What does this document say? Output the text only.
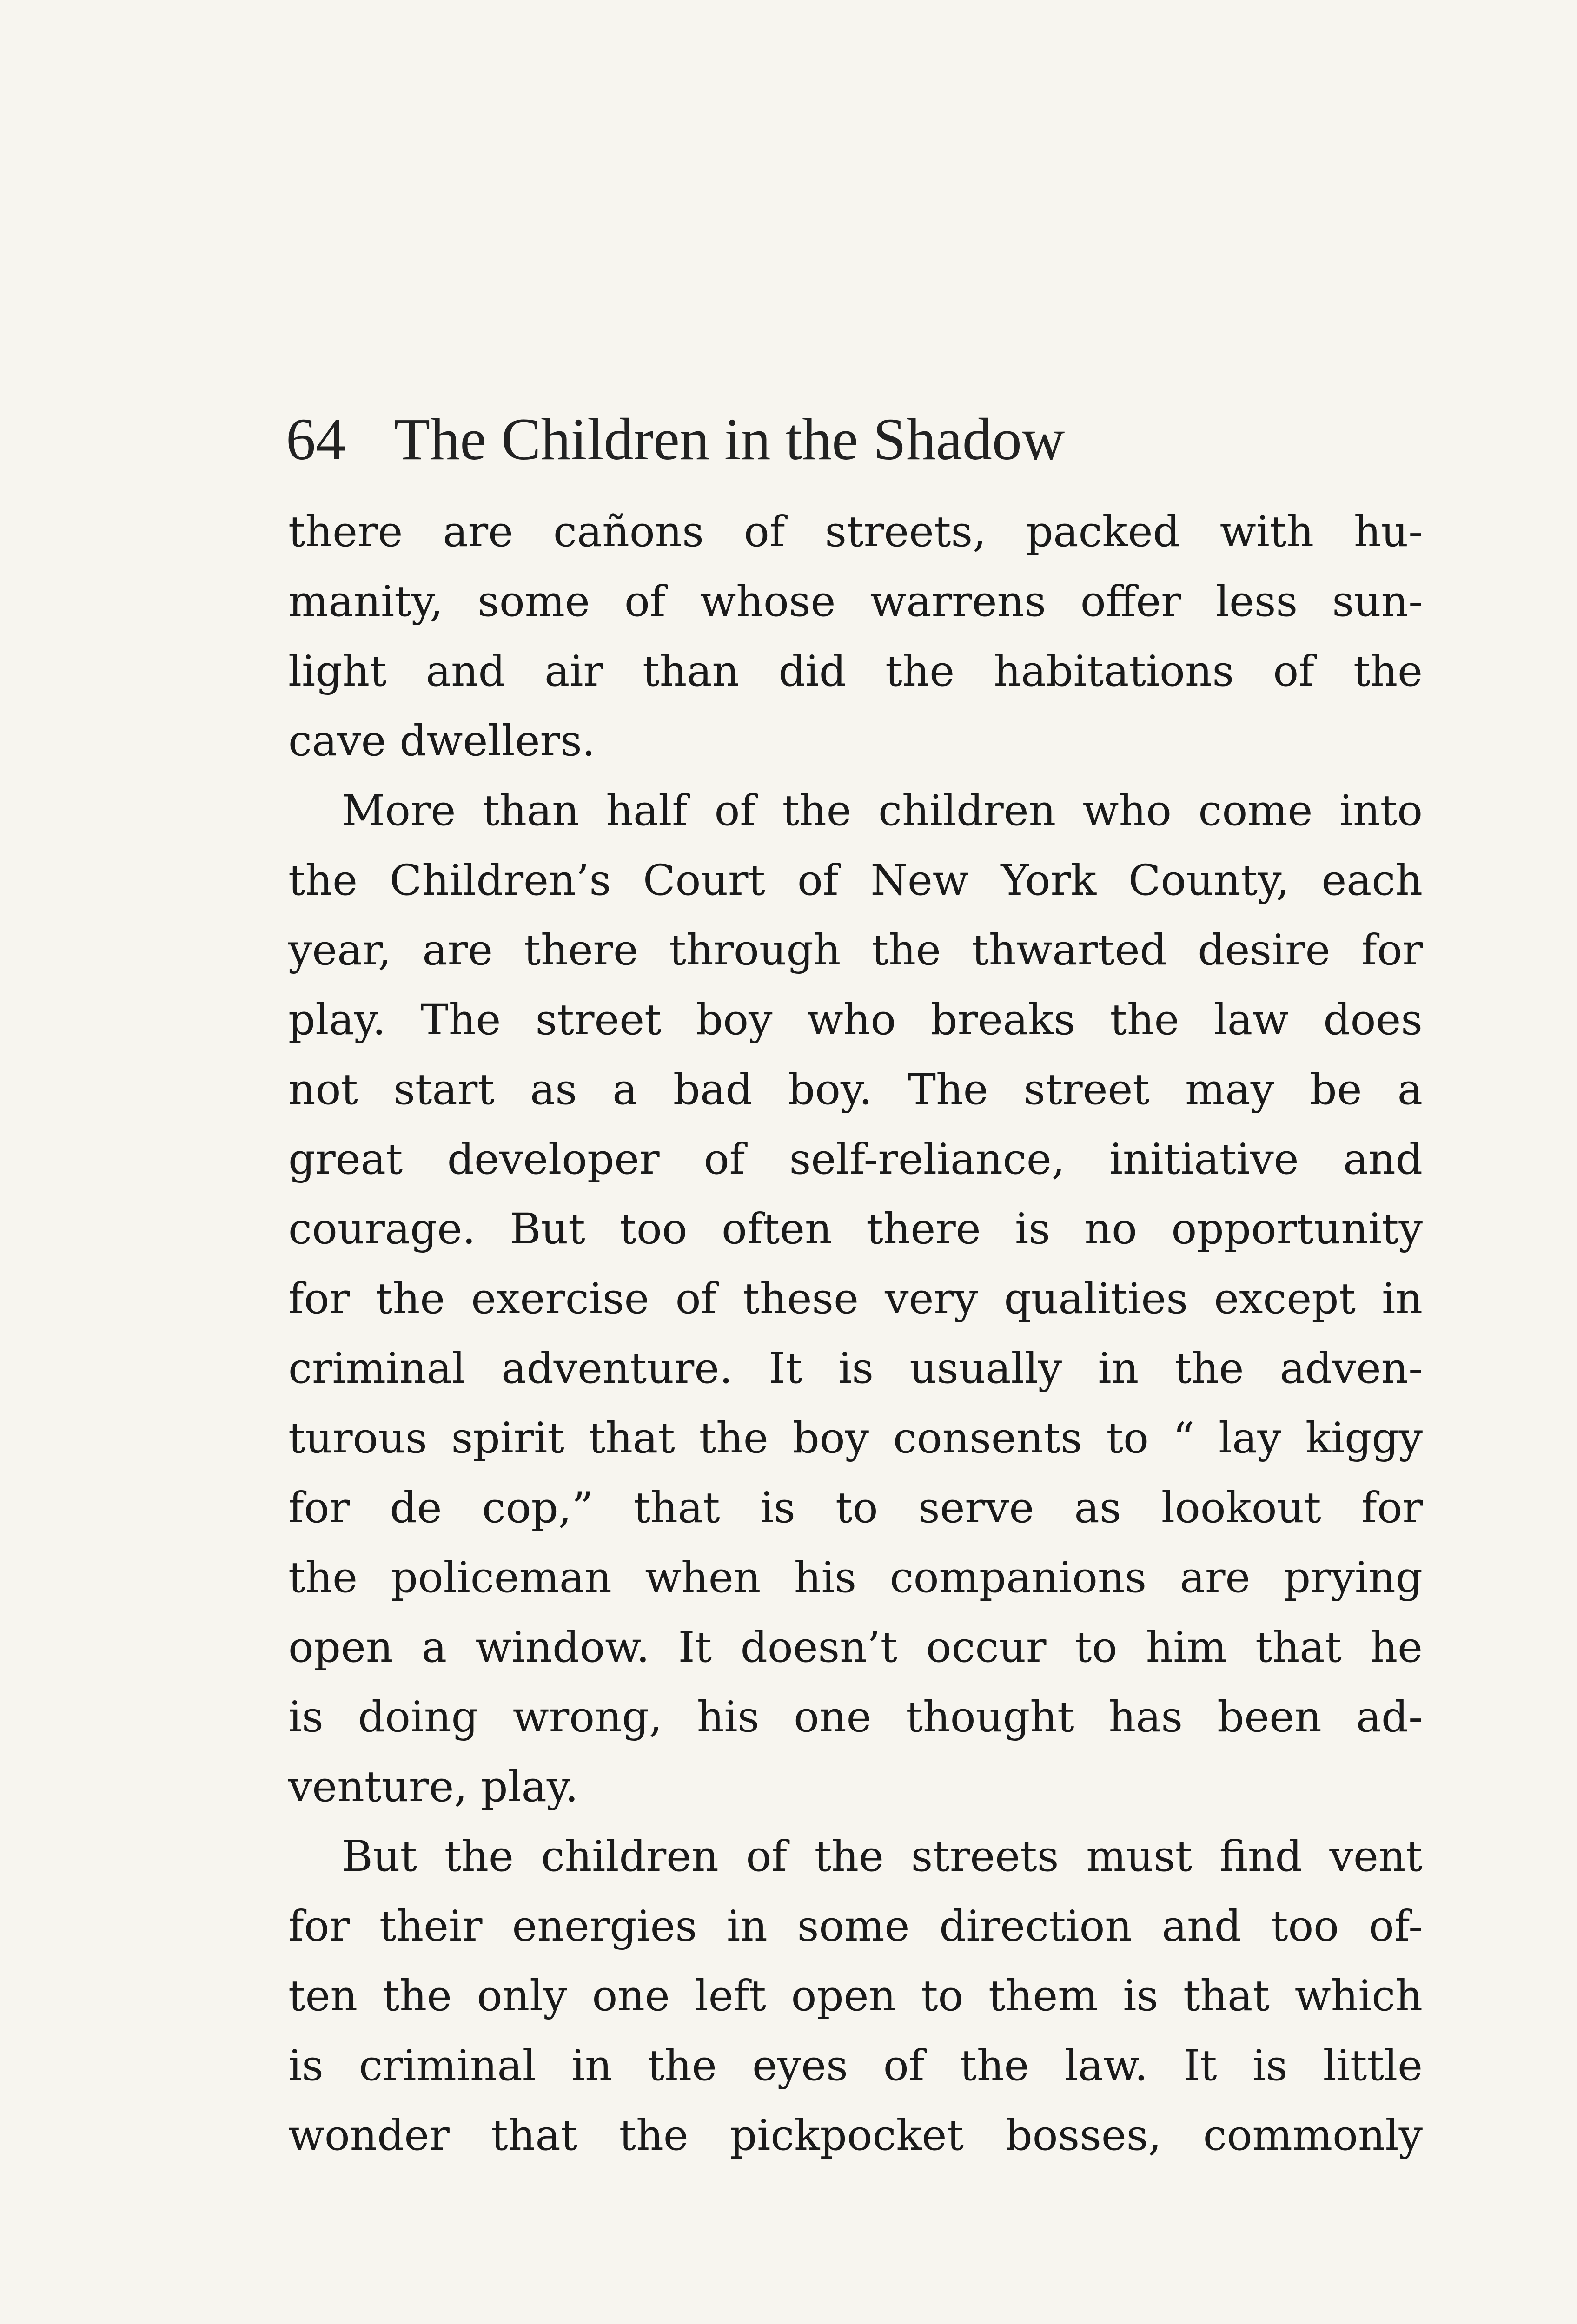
64 The Children in the Shadow
there are cañons of streets, packed with hu-
manity, some of whose warrens offer less sun-
light and air than did the habitations of the
cave dwellers.
More than half of the children who come into
the Children’s Court of New York County, each
year, are there through the thwarted desire for
play. The street boy who breaks the law does
not start as a bad boy. The street may be a
great developer of self-reliance, initiative and
courage. But too often there is no opportunity
for the exercise of these very qualities except in
criminal adventure. It is usually in the adven-
turous spirit that the boy consents to “ lay kiggy
for de cop,” that is to serve as lookout for
the policeman when his companions are prying
open a window. It doesn’t occur to him that he
is doing wrong, his one thought has been ad-
venture, play.
But the children of the streets must find vent
for their energies in some direction and too of-
ten the only one left open to them is that which
is criminal in the eyes of the law. It is little
wonder that the pickpocket bosses, commonly
